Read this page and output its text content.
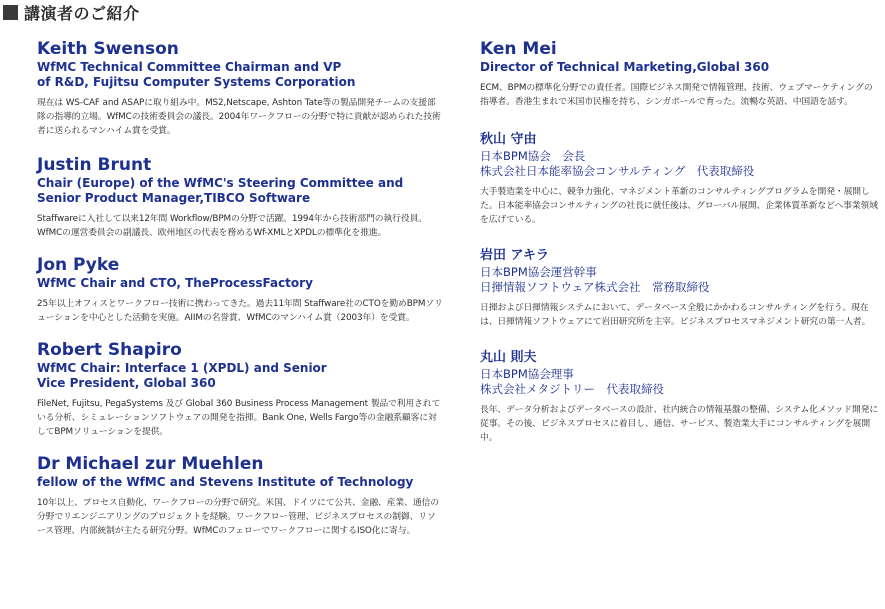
講演者のご紹介
Keith Swenson
WfMC Technical Committee Chairman and VP
of R&D, Fujitsu Computer Systems Corporation
現在は WS-CAF and ASAPに取り組み中。MS2,Netscape, Ashton Tate等の製品開発チームの支援部隊の指導的立場。WfMCの技術委員会の議長。2004年ワークフローの分野で特に貢献が認められた技術者に送られるマンハイム賞を受賞。
Justin Brunt
Chair (Europe) of the WfMC's Steering Committee and
Senior Product Manager,TIBCO Software
Staffwareに入社して以来12年間 Workflow/BPMの分野で活躍。1994年から技術部門の執行役員。WfMCの運営委員会の副議長、欧州地区の代表を務めるWf-XMLとXPDLの標準化を推進。
Jon Pyke
WfMC Chair and CTO, TheProcessFactory
25年以上オフィスとワークフロー技術に携わってきた。過去11年間 Staffware社のCTOを勤めBPMソリューションを中心とした活動を実施。AIIMの名誉賞、WfMCのマンハイム賞（2003年）を受賞。
Robert Shapiro
WfMC Chair: Interface 1 (XPDL) and Senior
Vice President, Global 360
FileNet, Fujitsu, PegaSystems 及び Global 360 Business Process Management 製品で利用されている分析、シミュレーションソフトウェアの開発を指揮。Bank One, Wells Fargo等の金融系顧客に対してBPMソリューションを提供。
Dr Michael zur Muehlen
fellow of the WfMC and Stevens Institute of Technology
10年以上、プロセス自動化、ワークフローの分野で研究。米国、ドイツにて公共、金融、産業、通信の分野でリエンジニアリングのプロジェクトを経験。ワークフロー管理、ビジネスプロセスの制御、リソース管理、内部統制が主たる研究分野。WfMCのフェローでワークフローに関するISO化に寄与。
Ken Mei
Director of Technical Marketing,Global 360
ECM、BPMの標準化分野での責任者。国際ビジネス開発で情報管理、技術、ウェブマーケティングの指導者。香港生まれで米国市民権を持ち、シンガポールで育った。流暢な英語、中国語を話す。
秋山 守由
日本BPM協会　会長
株式会社日本能率協会コンサルティング　代表取締役
大手製造業を中心に、競争力強化、マネジメント革新のコンサルティングプログラムを開発・展開した。日本能率協会コンサルティングの社長に就任後は、グローバル展開、企業体質革新などへ事業領域を広げている。
岩田 アキラ
日本BPM協会運営幹事
日揮情報ソフトウェア株式会社　常務取締役
日揮および日揮情報システムにおいて、データベース全般にかかわるコンサルティングを行う。現在は、日揮情報ソフトウェアにて岩田研究所を主宰。ビジネスプロセスマネジメント研究の第一人者。
丸山 則夫
日本BPM協会理事
株式会社メタジトリー　代表取締役
長年、データ分析およびデータベースの設計、社内統合の情報基盤の整備、システム化メソッド開発に従事。その後、ビジネスプロセスに着目し、通信、サービス、製造業大手にコンサルティングを展開中。
